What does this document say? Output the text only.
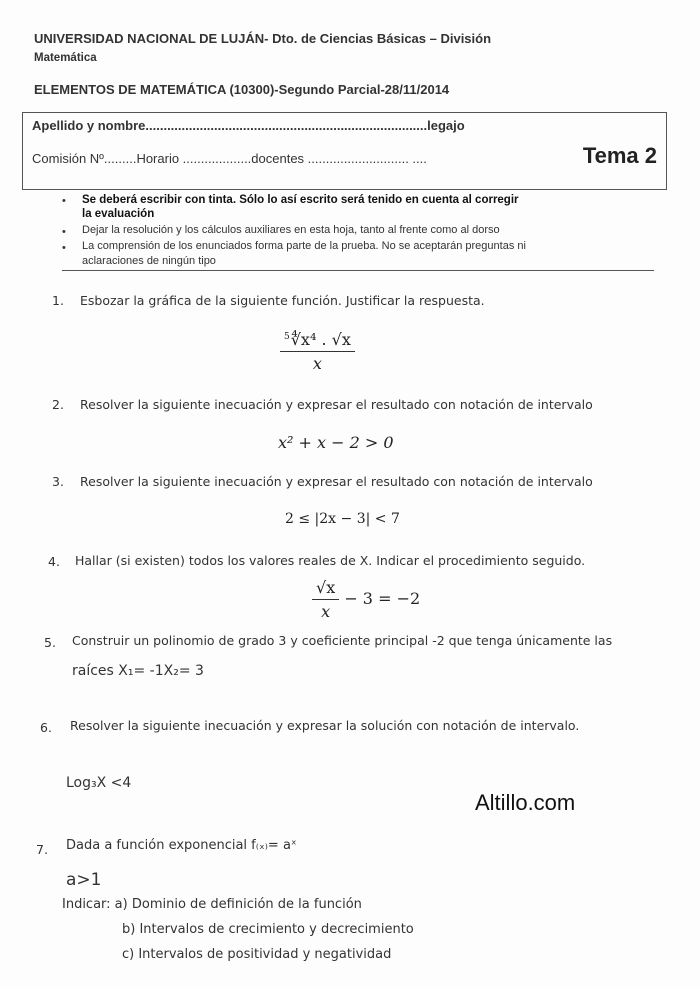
UNIVERSIDAD NACIONAL DE LUJÁN- Dto. de Ciencias Básicas – División
Matemática
ELEMENTOS DE MATEMÁTICA (10300)-Segundo Parcial-28/11/2014
Apellido y nombre..............................................................................legajo
Comisión Nº.........Horario ...................docentes ............................ ....	Tema 2
• Se deberá escribir con tinta. Sólo lo así escrito será tenido en cuenta al corregir
la evaluación
• Dejar la resolución y los cálculos auxiliares en esta hoja, tanto al frente como al dorso
• La comprensión de los enunciados forma parte de la prueba. No se aceptarán preguntas ni
aclaraciones de ningún tipo
1. Esbozar la gráfica de la siguiente función. Justificar la respuesta.
$\frac{^5∜x^4 . √x}{x}$
2. Resolver la siguiente inecuación y expresar el resultado con notación de intervalo
x² + x − 2 > 0
3. Resolver la siguiente inecuación y expresar el resultado con notación de intervalo
2 ≤ |2x − 3| < 7
4. Hallar (si existen) todos los valores reales de X. Indicar el procedimiento seguido.
$\frac{√x}{x} - 3 = -2$
5. Construir un polinomio de grado 3 y coeficiente principal -2 que tenga únicamente las
raíces X₁= -1X₂= 3
6. Resolver la siguiente inecuación y expresar la solución con notación de intervalo.
Log₃X <4
Altillo.com
7. Dada a función exponencial f₍ₓ₎= aˣ
a>1
Indicar: a) Dominio de definición de la función
b) Intervalos de crecimiento y decrecimiento
c) Intervalos de positividad y negatividad
